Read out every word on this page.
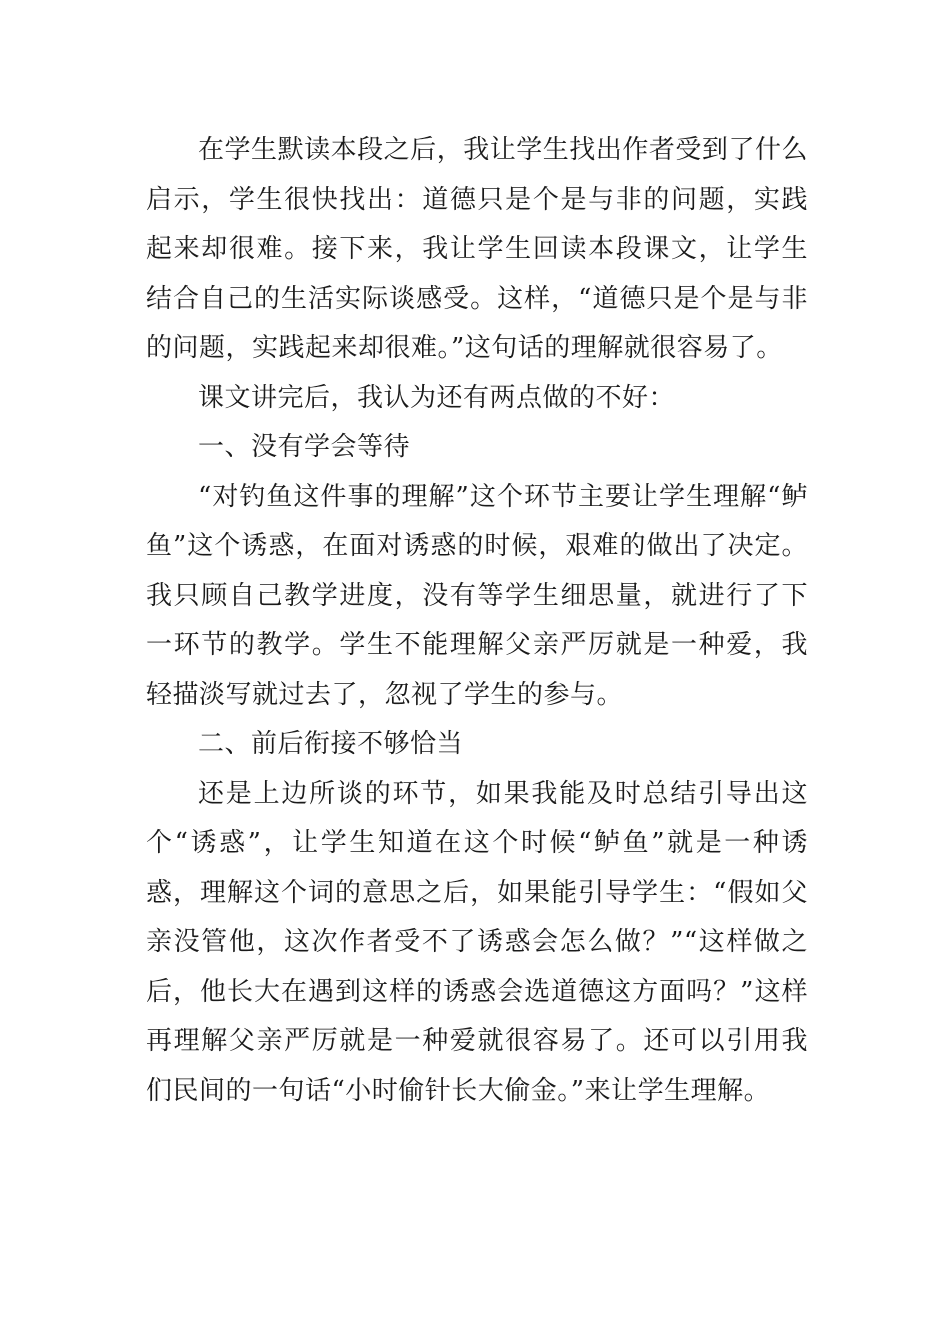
在学生默读本段之后，我让学生找出作者受到了什么启示，学生很快找出：道德只是个是与非的问题，实践起来却很难。接下来，我让学生回读本段课文，让学生结合自己的生活实际谈感受。这样，“道德只是个是与非的问题，实践起来却很难。”这句话的理解就很容易了。

课文讲完后，我认为还有两点做的不好：

一、没有学会等待

“对钓鱼这件事的理解”这个环节主要让学生理解“鲈鱼”这个诱惑，在面对诱惑的时候，艰难的做出了决定。我只顾自己教学进度，没有等学生细思量，就进行了下一环节的教学。学生不能理解父亲严厉就是一种爱，我轻描淡写就过去了，忽视了学生的参与。

二、前后衔接不够恰当

还是上边所谈的环节，如果我能及时总结引导出这个“诱惑”，让学生知道在这个时候“鲈鱼”就是一种诱惑，理解这个词的意思之后，如果能引导学生：“假如父亲没管他，这次作者受不了诱惑会怎么做？”“这样做之后，他长大在遇到这样的诱惑会选道德这方面吗？”这样再理解父亲严厉就是一种爱就很容易了。还可以引用我们民间的一句话“小时偷针长大偷金。”来让学生理解。
